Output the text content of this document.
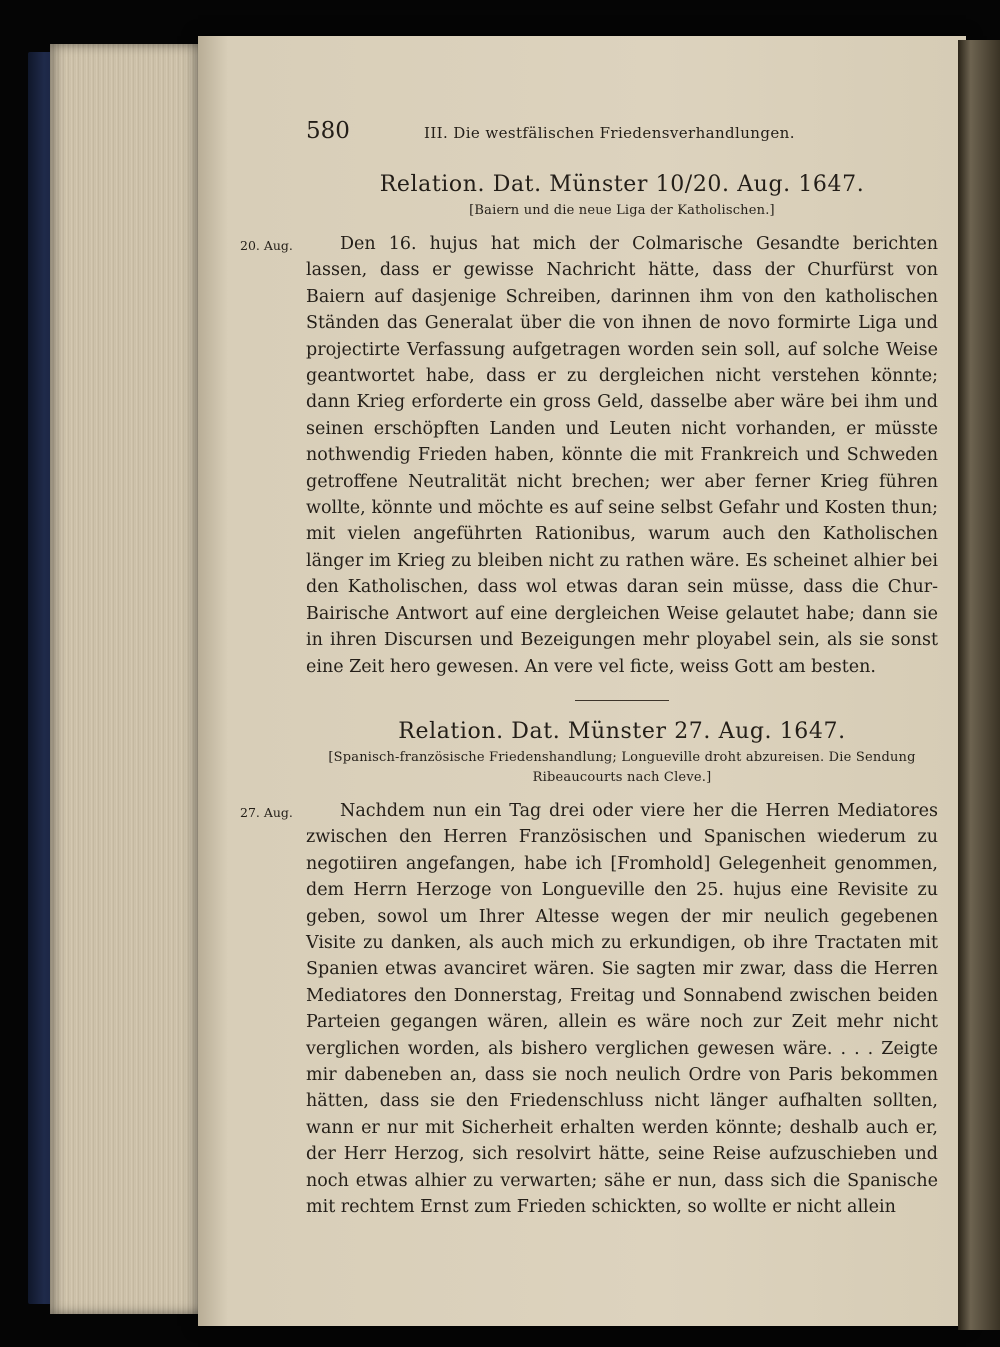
580	III. Die westfälischen Friedensverhandlungen.
Relation. Dat. Münster 10/20. Aug. 1647.
[Baiern und die neue Liga der Katholischen.]

20. Aug.	Den 16. hujus hat mich der Colmarische Gesandte berichten lassen, dass er gewisse Nachricht hätte, dass der Churfürst von Baiern auf dasjenige Schreiben, darinnen ihm von den katholischen Ständen das Generalat über die von ihnen de novo formirte Liga und projectirte Verfassung aufgetragen worden sein soll, auf solche Weise geantwortet habe, dass er zu dergleichen nicht verstehen könnte; dann Krieg erforderte ein gross Geld, dasselbe aber wäre bei ihm und seinen erschöpften Landen und Leuten nicht vorhanden, er müsste nothwendig Frieden haben, könnte die mit Frankreich und Schweden getroffene Neutralität nicht brechen; wer aber ferner Krieg führen wollte, könnte und möchte es auf seine selbst Gefahr und Kosten thun; mit vielen angeführten Rationibus, warum auch den Katholischen länger im Krieg zu bleiben nicht zu rathen wäre. Es scheinet alhier bei den Katholischen, dass wol etwas daran sein müsse, dass die Chur-Bairische Antwort auf eine dergleichen Weise gelautet habe; dann sie in ihren Discursen und Bezeigungen mehr ployabel sein, als sie sonst eine Zeit hero gewesen. An vere vel ficte, weiss Gott am besten.

Relation. Dat. Münster 27. Aug. 1647.
[Spanisch-französische Friedenshandlung; Longueville droht abzureisen. Die Sendung Ribeaucourts nach Cleve.]

27. Aug.	Nachdem nun ein Tag drei oder viere her die Herren Mediatores zwischen den Herren Französischen und Spanischen wiederum zu negotiiren angefangen, habe ich [Fromhold] Gelegenheit genommen, dem Herrn Herzoge von Longueville den 25. hujus eine Revisite zu geben, sowol um Ihrer Altesse wegen der mir neulich gegebenen Visite zu danken, als auch mich zu erkundigen, ob ihre Tractaten mit Spanien etwas avanciret wären. Sie sagten mir zwar, dass die Herren Mediatores den Donnerstag, Freitag und Sonnabend zwischen beiden Parteien gegangen wären, allein es wäre noch zur Zeit mehr nicht verglichen worden, als bishero verglichen gewesen wäre. . . . Zeigte mir dabeneben an, dass sie noch neulich Ordre von Paris bekommen hätten, dass sie den Friedenschluss nicht länger aufhalten sollten, wann er nur mit Sicherheit erhalten werden könnte; deshalb auch er, der Herr Herzog, sich resolvirt hätte, seine Reise aufzuschieben und noch etwas alhier zu verwarten; sähe er nun, dass sich die Spanische mit rechtem Ernst zum Frieden schickten, so wollte er nicht allein
